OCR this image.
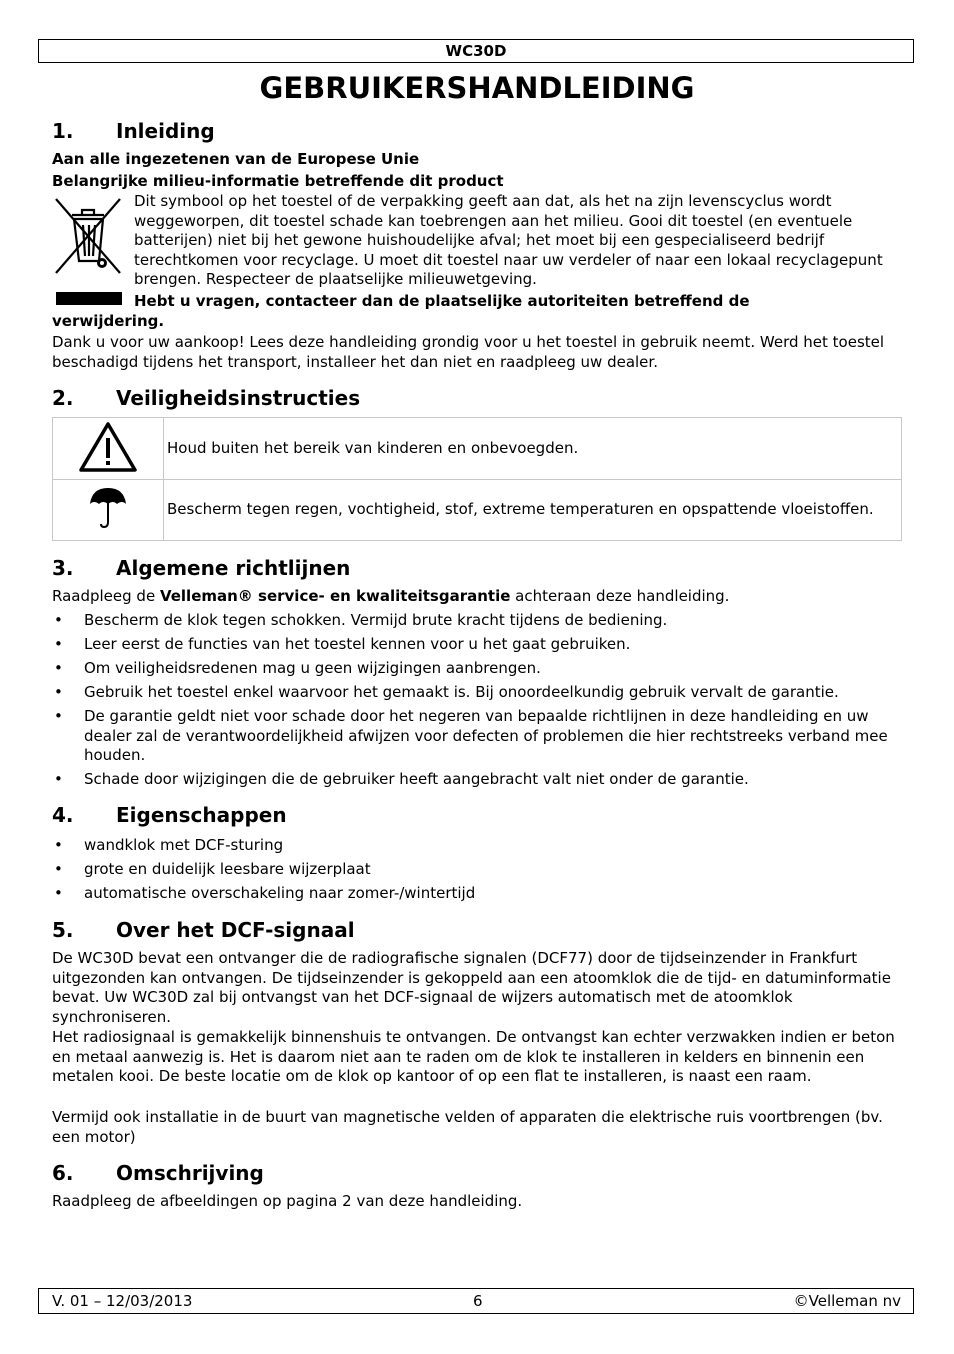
WC30D
GEBRUIKERSHANDLEIDING
1. Inleiding
Aan alle ingezetenen van de Europese Unie
Belangrijke milieu-informatie betreffende dit product
Dit symbool op het toestel of de verpakking geeft aan dat, als het na zijn levenscyclus wordt weggeworpen, dit toestel schade kan toebrengen aan het milieu. Gooi dit toestel (en eventuele batterijen) niet bij het gewone huishoudelijke afval; het moet bij een gespecialiseerd bedrijf terechtkomen voor recyclage. U moet dit toestel naar uw verdeler of naar een lokaal recyclagepunt brengen. Respecteer de plaatselijke milieuwetgeving.
Hebt u vragen, contacteer dan de plaatselijke autoriteiten betreffend de
verwijdering.
Dank u voor uw aankoop! Lees deze handleiding grondig voor u het toestel in gebruik neemt. Werd het toestel beschadigd tijdens het transport, installeer het dan niet en raadpleeg uw dealer.
2. Veiligheidsinstructies
	Houd buiten het bereik van kinderen en onbevoegden.
	Bescherm tegen regen, vochtigheid, stof, extreme temperaturen en opspattende vloeistoffen.
3. Algemene richtlijnen
Raadpleeg de Velleman® service- en kwaliteitsgarantie achteraan deze handleiding.
• Bescherm de klok tegen schokken. Vermijd brute kracht tijdens de bediening.
• Leer eerst de functies van het toestel kennen voor u het gaat gebruiken.
• Om veiligheidsredenen mag u geen wijzigingen aanbrengen.
• Gebruik het toestel enkel waarvoor het gemaakt is. Bij onoordeelkundig gebruik vervalt de garantie.
• De garantie geldt niet voor schade door het negeren van bepaalde richtlijnen in deze handleiding en uw dealer zal de verantwoordelijkheid afwijzen voor defecten of problemen die hier rechtstreeks verband mee houden.
• Schade door wijzigingen die de gebruiker heeft aangebracht valt niet onder de garantie.
4. Eigenschappen
• wandklok met DCF-sturing
• grote en duidelijk leesbare wijzerplaat
• automatische overschakeling naar zomer-/wintertijd
5. Over het DCF-signaal
De WC30D bevat een ontvanger die de radiografische signalen (DCF77) door de tijdseinzender in Frankfurt uitgezonden kan ontvangen. De tijdseinzender is gekoppeld aan een atoomklok die de tijd- en datuminformatie bevat. Uw WC30D zal bij ontvangst van het DCF-signaal de wijzers automatisch met de atoomklok synchroniseren.
Het radiosignaal is gemakkelijk binnenshuis te ontvangen. De ontvangst kan echter verzwakken indien er beton en metaal aanwezig is. Het is daarom niet aan te raden om de klok te installeren in kelders en binnenin een metalen kooi. De beste locatie om de klok op kantoor of op een flat te installeren, is naast een raam.
Vermijd ook installatie in de buurt van magnetische velden of apparaten die elektrische ruis voortbrengen (bv. een motor)
6. Omschrijving
Raadpleeg de afbeeldingen op pagina 2 van deze handleiding.
V. 01 – 12/03/2013	6	©Velleman nv
